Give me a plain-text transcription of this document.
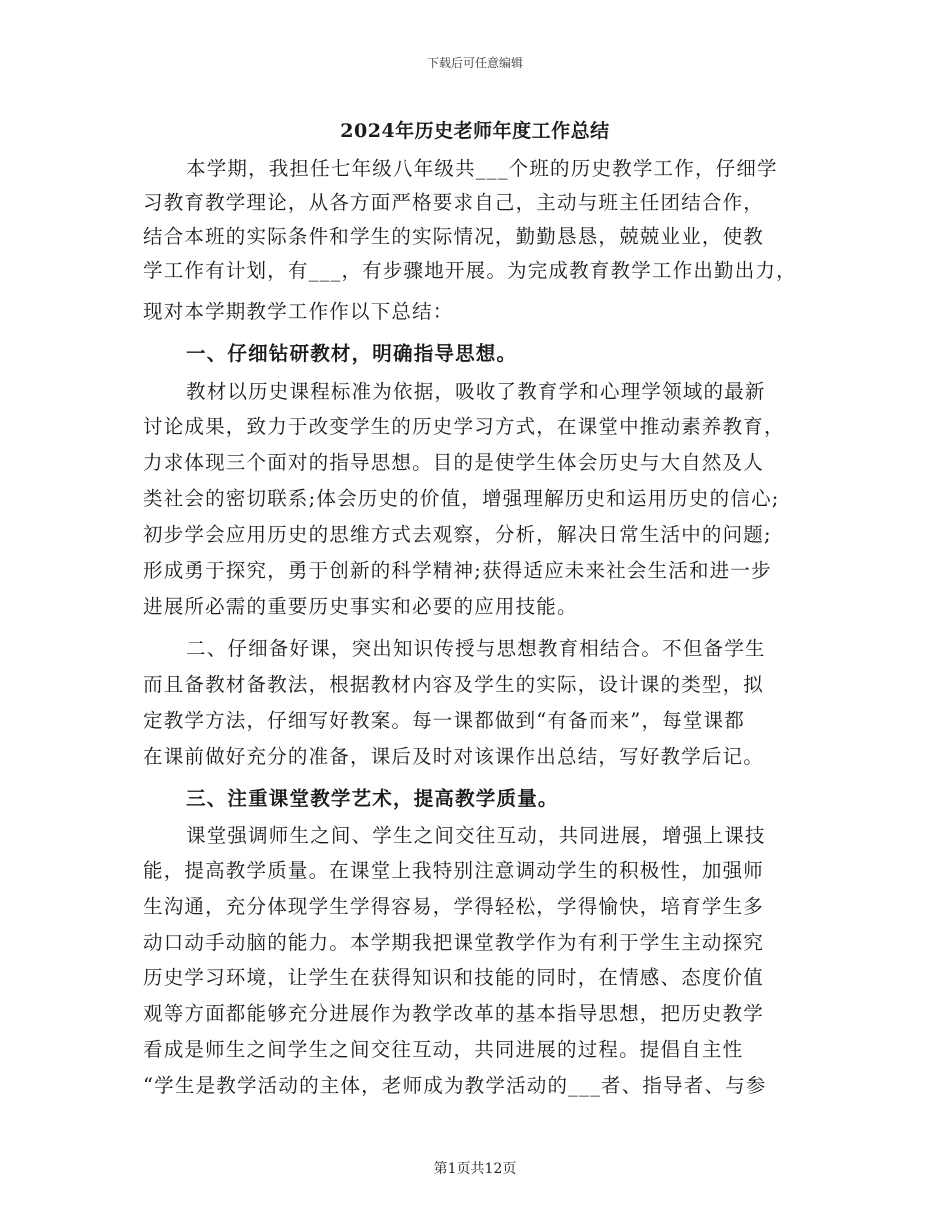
下载后可任意编辑
2024年历史老师年度工作总结
本学期，我担任七年级八年级共___个班的历史教学工作，仔细学
习教育教学理论，从各方面严格要求自己，主动与班主任团结合作，
结合本班的实际条件和学生的实际情况，勤勤恳恳，兢兢业业，使教
学工作有计划，有___，有步骤地开展。为完成教育教学工作出勤出力，
现对本学期教学工作作以下总结：
一、仔细钻研教材，明确指导思想。
教材以历史课程标准为依据，吸收了教育学和心理学领域的最新
讨论成果，致力于改变学生的历史学习方式，在课堂中推动素养教育，
力求体现三个面对的指导思想。目的是使学生体会历史与大自然及人
类社会的密切联系;体会历史的价值，增强理解历史和运用历史的信心;
初步学会应用历史的思维方式去观察，分析，解决日常生活中的问题;
形成勇于探究，勇于创新的科学精神;获得适应未来社会生活和进一步
进展所必需的重要历史事实和必要的应用技能。
二、仔细备好课，突出知识传授与思想教育相结合。不但备学生
而且备教材备教法，根据教材内容及学生的实际，设计课的类型，拟
定教学方法，仔细写好教案。每一课都做到“有备而来”，每堂课都
在课前做好充分的准备，课后及时对该课作出总结，写好教学后记。
三、注重课堂教学艺术，提高教学质量。
课堂强调师生之间、学生之间交往互动，共同进展，增强上课技
能，提高教学质量。在课堂上我特别注意调动学生的积极性，加强师
生沟通，充分体现学生学得容易，学得轻松，学得愉快，培育学生多
动口动手动脑的能力。本学期我把课堂教学作为有利于学生主动探究
历史学习环境，让学生在获得知识和技能的同时，在情感、态度价值
观等方面都能够充分进展作为教学改革的基本指导思想，把历史教学
看成是师生之间学生之间交往互动，共同进展的过程。提倡自主性
“学生是教学活动的主体，老师成为教学活动的___者、指导者、与参
第1页共12页
